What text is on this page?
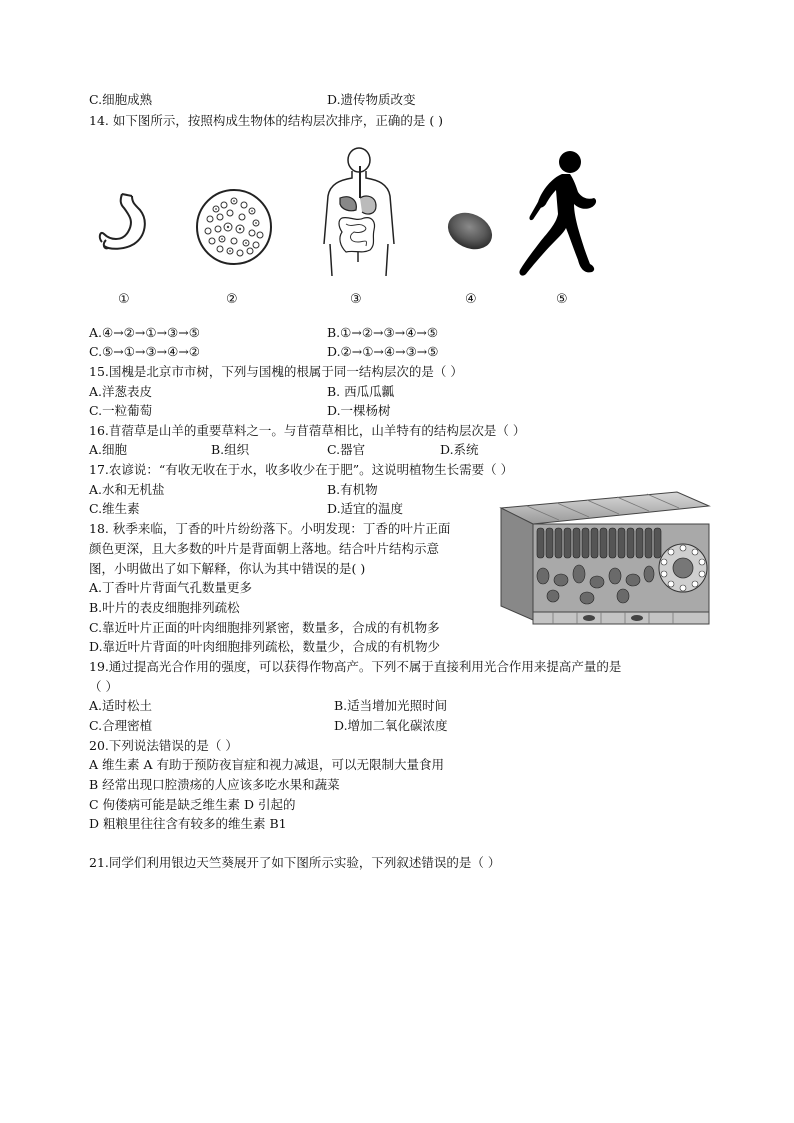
C.细胞成熟	D.遗传物质改变
14. 如下图所示，按照构成生物体的结构层次排序，正确的是 ( )
①	②	③	④	⑤
A.④→②→①→③→⑤	B.①→②→③→④→⑤
C.⑤→①→③→④→②	D.②→①→④→③→⑤
15.国槐是北京市市树，下列与国槐的根属于同一结构层次的是（ ）
A.洋葱表皮	B. 西瓜瓜瓤
C.一粒葡萄	D.一棵杨树
16.苜蓿草是山羊的重要草料之一。与苜蓿草相比，山羊特有的结构层次是（ ）
A.细胞	B.组织	C.器官	D.系统
17.农谚说：“有收无收在于水，收多收少在于肥”。这说明植物生长需要（ ）
A.水和无机盐	B.有机物
C.维生素	D.适宜的温度
18. 秋季来临，丁香的叶片纷纷落下。小明发现：丁香的叶片正面
颜色更深，且大多数的叶片是背面朝上落地。结合叶片结构示意
图，小明做出了如下解释，你认为其中错误的是( )
A.丁香叶片背面气孔数量更多
B.叶片的表皮细胞排列疏松
C.靠近叶片正面的叶肉细胞排列紧密，数量多，合成的有机物多
D.靠近叶片背面的叶肉细胞排列疏松，数量少，合成的有机物少
19.通过提高光合作用的强度，可以获得作物高产。下列不属于直接利用光合作用来提高产量的是
（ ）
A.适时松土	B.适当增加光照时间
C.合理密植	D.增加二氧化碳浓度
20.下列说法错误的是（ ）
A 维生素 A 有助于预防夜盲症和视力减退，可以无限制大量食用
B 经常出现口腔溃疡的人应该多吃水果和蔬菜
C 佝偻病可能是缺乏维生素 D 引起的
D 粗粮里往往含有较多的维生素 B1
21.同学们利用银边天竺葵展开了如下图所示实验，下列叙述错误的是（ ）
